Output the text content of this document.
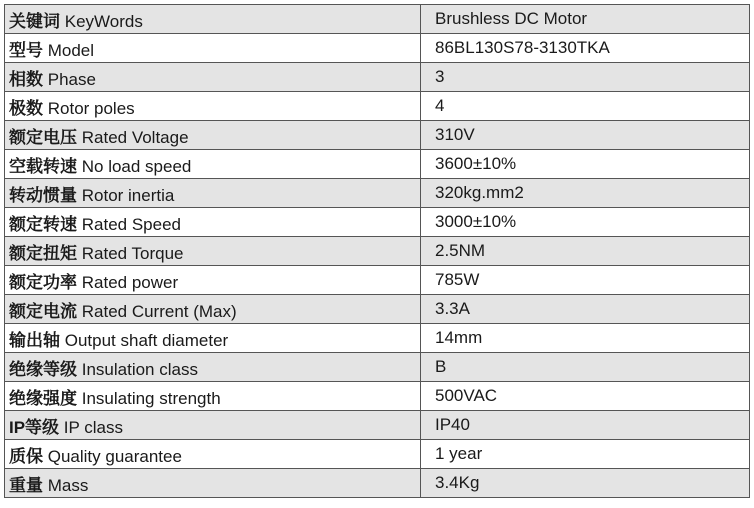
关键词 KeyWords	Brushless DC Motor
型号 Model	86BL130S78-3130TKA
相数 Phase	3
极数 Rotor poles	4
额定电压 Rated Voltage	310V
空载转速 No load speed	3600±10%
转动惯量 Rotor inertia	320kg.mm2
额定转速 Rated Speed	3000±10%
额定扭矩 Rated Torque	2.5NM
额定功率 Rated power	785W
额定电流 Rated Current (Max)	3.3A
输出轴 Output shaft diameter	14mm
绝缘等级 Insulation class	B
绝缘强度 Insulating strength	500VAC
IP等级 IP class	IP40
质保 Quality guarantee	1 year
重量 Mass	3.4Kg
